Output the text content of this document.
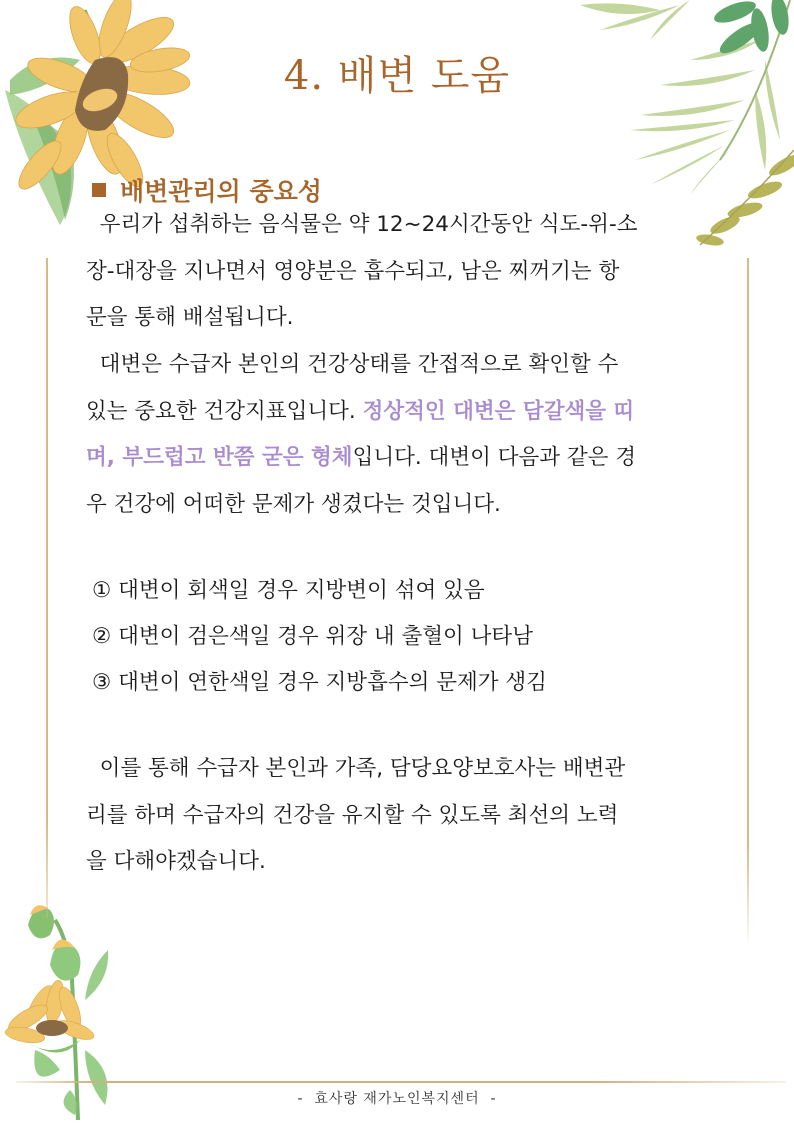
4. 배변 도움
배변관리의 중요성
우리가 섭취하는 음식물은 약 12~24시간동안 식도-위-소
장-대장을 지나면서 영양분은 흡수되고, 남은 찌꺼기는 항
문을 통해 배설됩니다.
대변은 수급자 본인의 건강상태를 간접적으로 확인할 수
있는 중요한 건강지표입니다. 정상적인 대변은 담갈색을 띠
며, 부드럽고 반쯤 굳은 형체입니다. 대변이 다음과 같은 경
우 건강에 어떠한 문제가 생겼다는 것입니다.
① 대변이 회색일 경우 지방변이 섞여 있음
② 대변이 검은색일 경우 위장 내 출혈이 나타남
③ 대변이 연한색일 경우 지방흡수의 문제가 생김
이를 통해 수급자 본인과 가족, 담당요양보호사는 배변관
리를 하며 수급자의 건강을 유지할 수 있도록 최선의 노력
을 다해야겠습니다.
-  효사랑 재가노인복지센터  -
